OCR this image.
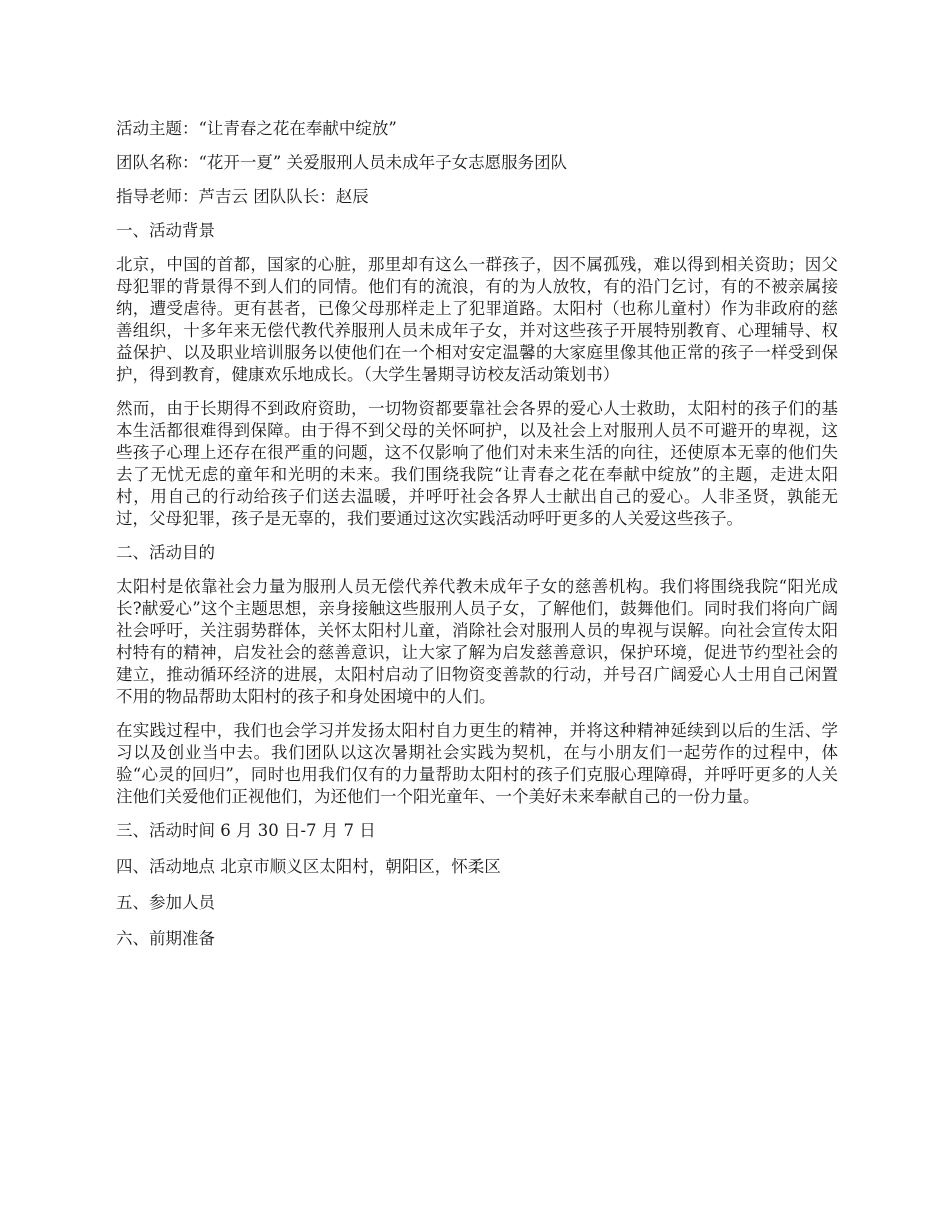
活动主题：“让青春之花在奉献中绽放”

团队名称：“花开一夏” 关爱服刑人员未成年子女志愿服务团队

指导老师：芦吉云 团队队长：赵辰

一、活动背景

北京，中国的首都，国家的心脏，那里却有这么一群孩子，因不属孤残，难以得到相关资助；因父母犯罪的背景得不到人们的同情。他们有的流浪，有的为人放牧，有的沿门乞讨，有的不被亲属接纳，遭受虐待。更有甚者，已像父母那样走上了犯罪道路。太阳村（也称儿童村）作为非政府的慈善组织，十多年来无偿代教代养服刑人员未成年子女，并对这些孩子开展特别教育、心理辅导、权益保护、以及职业培训服务以使他们在一个相对安定温馨的大家庭里像其他正常的孩子一样受到保护，得到教育，健康欢乐地成长。（大学生暑期寻访校友活动策划书）

然而，由于长期得不到政府资助，一切物资都要靠社会各界的爱心人士救助，太阳村的孩子们的基本生活都很难得到保障。由于得不到父母的关怀呵护，以及社会上对服刑人员不可避开的卑视，这些孩子心理上还存在很严重的问题，这不仅影响了他们对未来生活的向往，还使原本无辜的他们失去了无忧无虑的童年和光明的未来。我们围绕我院“让青春之花在奉献中绽放”的主题，走进太阳村，用自己的行动给孩子们送去温暖，并呼吁社会各界人士献出自己的爱心。人非圣贤，孰能无过，父母犯罪，孩子是无辜的，我们要通过这次实践活动呼吁更多的人关爱这些孩子。

二、活动目的

太阳村是依靠社会力量为服刑人员无偿代养代教未成年子女的慈善机构。我们将围绕我院“阳光成长?献爱心”这个主题思想，亲身接触这些服刑人员子女，了解他们，鼓舞他们。同时我们将向广阔社会呼吁，关注弱势群体，关怀太阳村儿童，消除社会对服刑人员的卑视与误解。向社会宣传太阳村特有的精神，启发社会的慈善意识，让大家了解为启发慈善意识，保护环境，促进节约型社会的建立，推动循环经济的进展，太阳村启动了旧物资变善款的行动，并号召广阔爱心人士用自己闲置不用的物品帮助太阳村的孩子和身处困境中的人们。

在实践过程中，我们也会学习并发扬太阳村自力更生的精神，并将这种精神延续到以后的生活、学习以及创业当中去。我们团队以这次暑期社会实践为契机，在与小朋友们一起劳作的过程中，体验“心灵的回归”，同时也用我们仅有的力量帮助太阳村的孩子们克服心理障碍，并呼吁更多的人关注他们关爱他们正视他们，为还他们一个阳光童年、一个美好未来奉献自己的一份力量。

三、活动时间 6 月 30 日-7 月 7 日

四、活动地点 北京市顺义区太阳村，朝阳区，怀柔区

五、参加人员

六、前期准备
